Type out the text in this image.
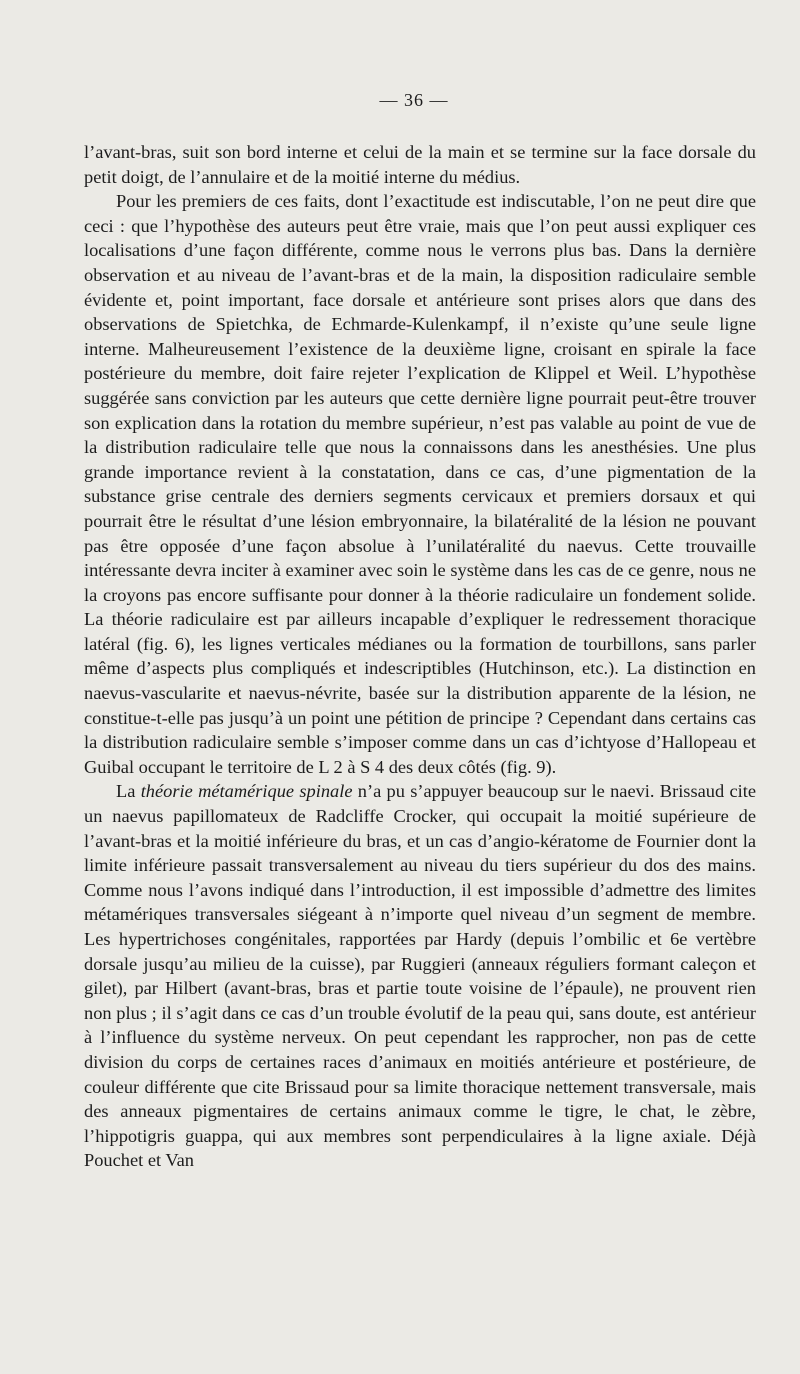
— 36 —

l’avant-bras, suit son bord interne et celui de la main et se termine sur la face dorsale du petit doigt, de l’annulaire et de la moitié interne du médius.

Pour les premiers de ces faits, dont l’exactitude est indiscutable, l’on ne peut dire que ceci : que l’hypothèse des auteurs peut être vraie, mais que l’on peut aussi expliquer ces localisations d’une façon différente, comme nous le verrons plus bas. Dans la dernière observation et au niveau de l’avant-bras et de la main, la disposition radiculaire semble évidente et, point important, face dorsale et antérieure sont prises alors que dans des observations de Spietchka, de Echmarde-Kulenkampf, il n’existe qu’une seule ligne interne. Malheureusement l’existence de la deuxième ligne, croisant en spirale la face postérieure du membre, doit faire rejeter l’explication de Klippel et Weil. L’hypothèse suggérée sans conviction par les auteurs que cette dernière ligne pourrait peut-être trouver son explication dans la rotation du membre supérieur, n’est pas valable au point de vue de la distribution radiculaire telle que nous la connaissons dans les anesthésies. Une plus grande importance revient à la constatation, dans ce cas, d’une pigmentation de la substance grise centrale des derniers segments cervicaux et premiers dorsaux et qui pourrait être le résultat d’une lésion embryonnaire, la bilatéralité de la lésion ne pouvant pas être opposée d’une façon absolue à l’unilatéralité du naevus. Cette trouvaille intéressante devra inciter à examiner avec soin le système dans les cas de ce genre, nous ne la croyons pas encore suffisante pour donner à la théorie radiculaire un fondement solide. La théorie radiculaire est par ailleurs incapable d’expliquer le redressement thoracique latéral (fig. 6), les lignes verticales médianes ou la formation de tourbillons, sans parler même d’aspects plus compliqués et indescriptibles (Hutchinson, etc.). La distinction en naevus-vascularite et naevus-névrite, basée sur la distribution apparente de la lésion, ne constitue-t-elle pas jusqu’à un point une pétition de principe ? Cependant dans certains cas la distribution radiculaire semble s’imposer comme dans un cas d’ichtyose d’Hallopeau et Guibal occupant le territoire de L 2 à S 4 des deux côtés (fig. 9).

La théorie métamérique spinale n’a pu s’appuyer beaucoup sur le naevi. Brissaud cite un naevus papillomateux de Radcliffe Crocker, qui occupait la moitié supérieure de l’avant-bras et la moitié inférieure du bras, et un cas d’angio-kératome de Fournier dont la limite inférieure passait transversalement au niveau du tiers supérieur du dos des mains. Comme nous l’avons indiqué dans l’introduction, il est impossible d’admettre des limites métamériques transversales siégeant à n’importe quel niveau d’un segment de membre. Les hypertrichoses congénitales, rapportées par Hardy (depuis l’ombilic et 6e vertèbre dorsale jusqu’au milieu de la cuisse), par Ruggieri (anneaux réguliers formant caleçon et gilet), par Hilbert (avant-bras, bras et partie toute voisine de l’épaule), ne prouvent rien non plus ; il s’agit dans ce cas d’un trouble évolutif de la peau qui, sans doute, est antérieur à l’influence du système nerveux. On peut cependant les rapprocher, non pas de cette division du corps de certaines races d’animaux en moitiés antérieure et postérieure, de couleur différente que cite Brissaud pour sa limite thoracique nettement transversale, mais des anneaux pigmentaires de certains animaux comme le tigre, le chat, le zèbre, l’hippotigris guappa, qui aux membres sont perpendiculaires à la ligne axiale. Déjà Pouchet et Van
